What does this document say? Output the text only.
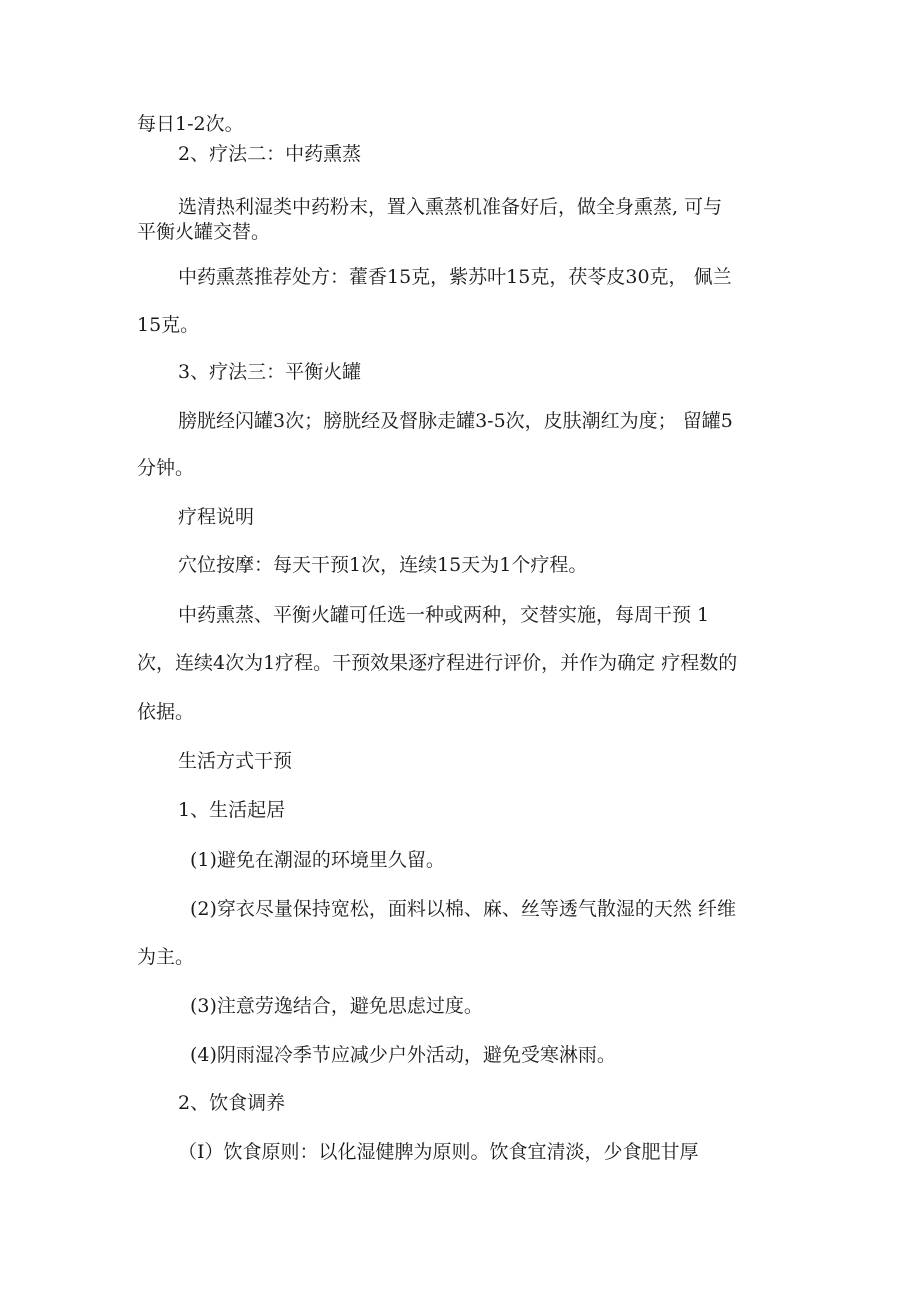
每日1-2次。
2、疗法二：中药熏蒸
选清热利湿类中药粉末，置入熏蒸机准备好后，做全身熏蒸, 可与
平衡火罐交替。
中药熏蒸推荐处方：藿香15克，紫苏叶15克，茯苓皮30克， 佩兰
15克。
3、疗法三：平衡火罐
膀胱经闪罐3次；膀胱经及督脉走罐3-5次，皮肤潮红为度； 留罐5
分钟。
疗程说明
穴位按摩：每天干预1次，连续15天为1个疗程。
中药熏蒸、平衡火罐可任选一种或两种，交替实施，每周干预 1
次，连续4次为1疗程。干预效果逐疗程进行评价，并作为确定 疗程数的
依据。
生活方式干预
1、生活起居
(1)避免在潮湿的环境里久留。
(2)穿衣尽量保持宽松，面料以棉、麻、丝等透气散湿的天然 纤维
为主。
(3)注意劳逸结合，避免思虑过度。
(4)阴雨湿冷季节应减少户外活动，避免受寒淋雨。
2、饮食调养
（I）饮食原则：以化湿健脾为原则。饮食宜清淡，少食肥甘厚
